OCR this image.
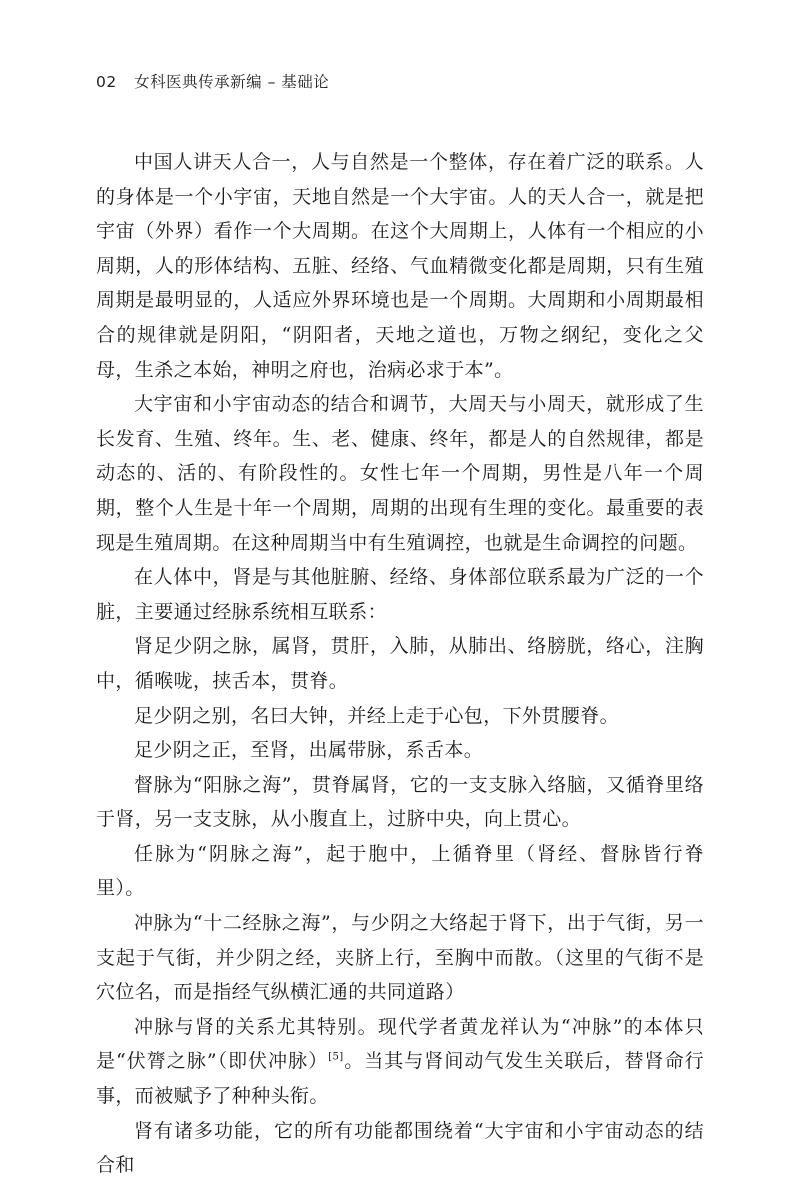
02 女科医典传承新编 – 基础论

中国人讲天人合一，人与自然是一个整体，存在着广泛的联系。人的身体是一个小宇宙，天地自然是一个大宇宙。人的天人合一，就是把宇宙（外界）看作一个大周期。在这个大周期上，人体有一个相应的小周期，人的形体结构、五脏、经络、气血精微变化都是周期，只有生殖周期是最明显的，人适应外界环境也是一个周期。大周期和小周期最相合的规律就是阴阳，“阴阳者，天地之道也，万物之纲纪，变化之父母，生杀之本始，神明之府也，治病必求于本”。

大宇宙和小宇宙动态的结合和调节，大周天与小周天，就形成了生长发育、生殖、终年。生、老、健康、终年，都是人的自然规律，都是动态的、活的、有阶段性的。女性七年一个周期，男性是八年一个周期，整个人生是十年一个周期，周期的出现有生理的变化。最重要的表现是生殖周期。在这种周期当中有生殖调控，也就是生命调控的问题。

在人体中，肾是与其他脏腑、经络、身体部位联系最为广泛的一个脏，主要通过经脉系统相互联系：

肾足少阴之脉，属肾，贯肝，入肺，从肺出、络膀胱，络心，注胸中，循喉咙，挟舌本，贯脊。

足少阴之别，名曰大钟，并经上走于心包，下外贯腰脊。

足少阴之正，至肾，出属带脉，系舌本。

督脉为“阳脉之海”，贯脊属肾，它的一支支脉入络脑，又循脊里络于肾，另一支支脉，从小腹直上，过脐中央，向上贯心。

任脉为“阴脉之海”，起于胞中，上循脊里（肾经、督脉皆行脊里）。

冲脉为“十二经脉之海”，与少阴之大络起于肾下，出于气街，另一支起于气街，并少阴之经，夹脐上行，至胸中而散。（这里的气街不是穴位名，而是指经气纵横汇通的共同道路）

冲脉与肾的关系尤其特别。现代学者黄龙祥认为“冲脉”的本体只是“伏膂之脉”（即伏冲脉）[5]。当其与肾间动气发生关联后，替肾命行事，而被赋予了种种头衔。

肾有诸多功能，它的所有功能都围绕着“大宇宙和小宇宙动态的结合和
